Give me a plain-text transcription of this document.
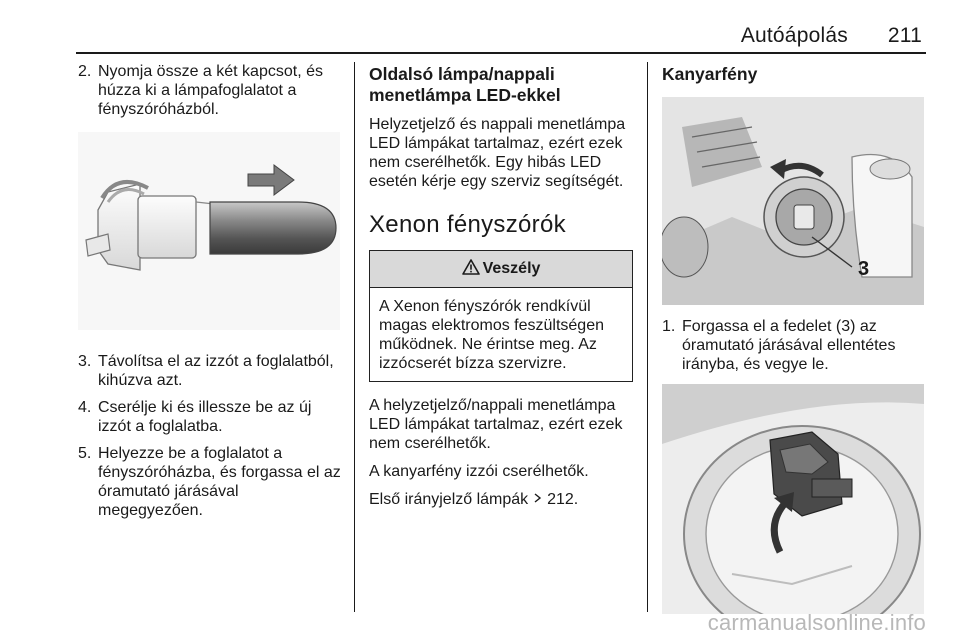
Autóápolás 211
2. Nyomja össze a két kapcsot, és húzza ki a lámpafoglalatot a fényszóróházból.
3. Távolítsa el az izzót a foglalatból, kihúzva azt.
4. Cserélje ki és illessze be az új izzót a foglalatba.
5. Helyezze be a foglalatot a fényszóróházba, és forgassa el az óramutató járásával megegyezően.
Oldalsó lámpa/nappali menetlámpa LED-ekkel

Helyzetjelző és nappali menetlámpa LED lámpákat tartalmaz, ezért ezek nem cserélhetők. Egy hibás LED esetén kérje egy szerviz segítségét.

Xenon fényszórók
Veszély
A Xenon fényszórók rendkívül magas elektromos feszültségen működnek. Ne érintse meg. Az izzócserét bízza szervizre.

A helyzetjelző/nappali menetlámpa LED lámpákat tartalmaz, ezért ezek nem cserélhetők.

A kanyarfény izzói cserélhetők.

Első irányjelző lámpák 212.

Kanyarfény
3
1. Forgassa el a fedelet (3) az óramutató járásával ellentétes irányba, és vegye le.
carmanualsonline.info
